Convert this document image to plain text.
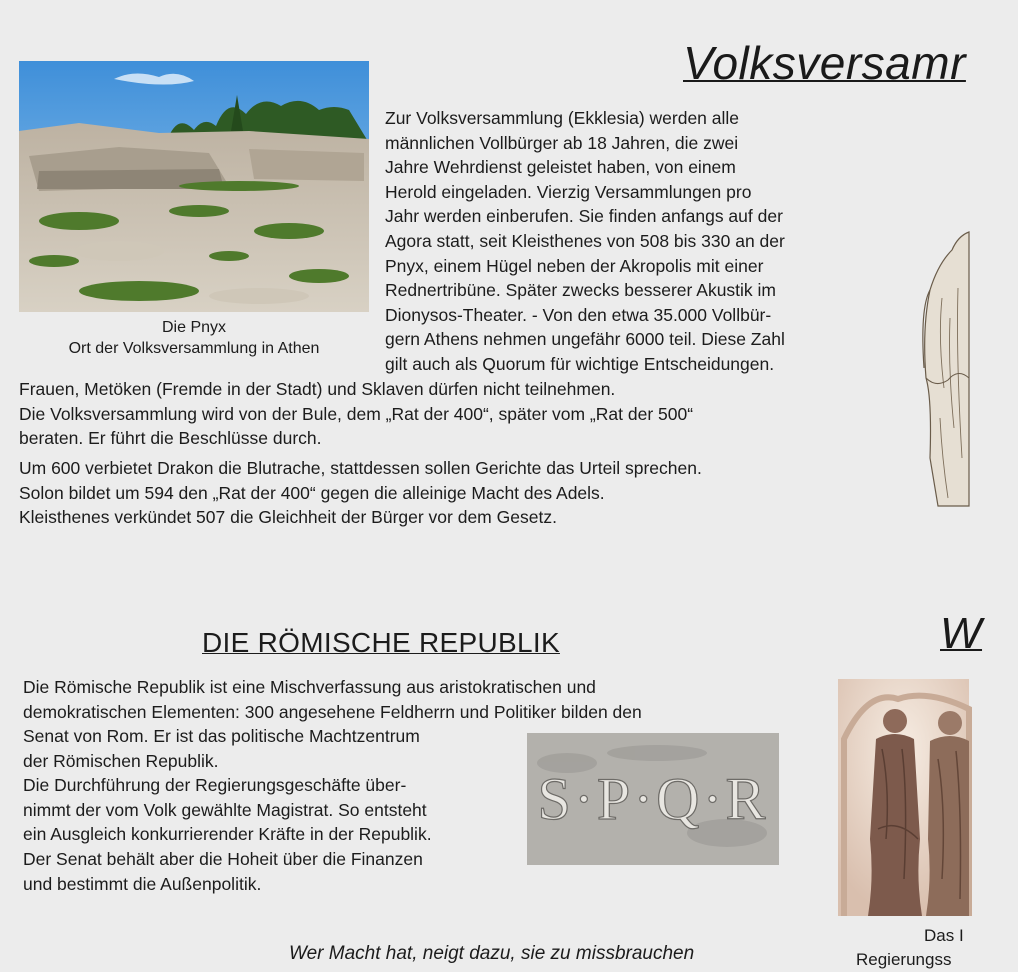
Volksversamr
Die Pnyx
Ort der Volksversammlung in Athen
Zur Volksversammlung (Ekklesia) werden alle
männlichen Vollbürger ab 18 Jahren, die zwei
Jahre Wehrdienst geleistet haben, von einem
Herold eingeladen. Vierzig Versammlungen pro
Jahr werden einberufen. Sie finden anfangs auf der
Agora statt, seit Kleisthenes von 508 bis 330 an der
Pnyx, einem Hügel neben der Akropolis mit einer
Rednertribüne. Später zwecks besserer Akustik im
Dionysos-Theater. - Von den etwa 35.000 Vollbür-
gern Athens nehmen ungefähr 6000 teil. Diese Zahl
gilt auch als Quorum für wichtige Entscheidungen.
Frauen, Metöken (Fremde in der Stadt) und Sklaven dürfen nicht teilnehmen.
Die Volksversammlung wird von der Bule, dem „Rat der 400“, später vom „Rat der 500“
beraten. Er führt die Beschlüsse durch.
Um 600 verbietet Drakon die Blutrache, stattdessen sollen Gerichte das Urteil sprechen.
Solon bildet um 594 den „Rat der 400“ gegen die alleinige Macht des Adels.
Kleisthenes verkündet 507 die Gleichheit der Bürger vor dem Gesetz.
DIE RÖMISCHE REPUBLIK
Die Römische Republik ist eine Mischverfassung aus aristokratischen und
demokratischen Elementen: 300 angesehene Feldherrn und Politiker bilden den
Senat von Rom. Er ist das politische Machtzentrum
der Römischen Republik.
Die Durchführung der Regierungsgeschäfte über-
nimmt der vom Volk gewählte Magistrat. So entsteht
ein Ausgleich konkurrierender Kräfte in der Republik.
Der Senat behält aber die Hoheit über die Finanzen
und bestimmt die Außenpolitik.
S·P·Q·R
Wer Macht hat, neigt dazu, sie zu missbrauchen
W
Das I
Regierungss
